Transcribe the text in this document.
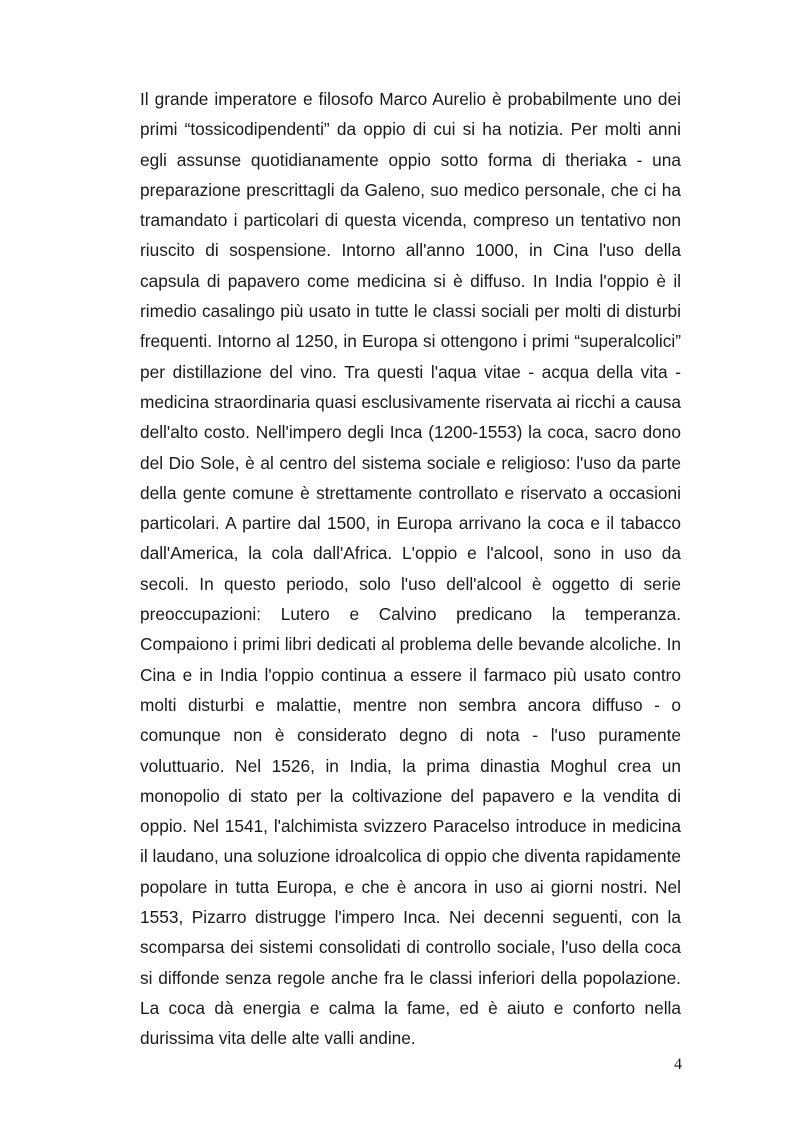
Il grande imperatore e filosofo Marco Aurelio è probabilmente uno dei primi “tossicodipendenti” da oppio di cui si ha notizia. Per molti anni egli assunse quotidianamente oppio sotto forma di theriaka - una preparazione prescrittagli da Galeno, suo medico personale, che ci ha tramandato i particolari di questa vicenda, compreso un tentativo non riuscito di sospensione. Intorno all'anno 1000, in Cina l'uso della capsula di papavero come medicina si è diffuso. In India l'oppio è il rimedio casalingo più usato in tutte le classi sociali per molti di disturbi frequenti. Intorno al 1250, in Europa si ottengono i primi “superalcolici” per distillazione del vino. Tra questi l'aqua vitae - acqua della vita - medicina straordinaria quasi esclusivamente riservata ai ricchi a causa dell'alto costo. Nell'impero degli Inca (1200-1553) la coca, sacro dono del Dio Sole, è al centro del sistema sociale e religioso: l'uso da parte della gente comune è strettamente controllato e riservato a occasioni particolari. A partire dal 1500, in Europa arrivano la coca e il tabacco dall'America, la cola dall'Africa. L'oppio e l'alcool, sono in uso da secoli. In questo periodo, solo l'uso dell'alcool è oggetto di serie preoccupazioni: Lutero e Calvino predicano la temperanza. Compaiono i primi libri dedicati al problema delle bevande alcoliche. In Cina e in India l'oppio continua a essere il farmaco più usato contro molti disturbi e malattie, mentre non sembra ancora diffuso - o comunque non è considerato degno di nota - l'uso puramente voluttuario. Nel 1526, in India, la prima dinastia Moghul crea un monopolio di stato per la coltivazione del papavero e la vendita di oppio. Nel 1541, l'alchimista svizzero Paracelso introduce in medicina il laudano, una soluzione idroalcolica di oppio che diventa rapidamente popolare in tutta Europa, e che è ancora in uso ai giorni nostri. Nel 1553, Pizarro distrugge l'impero Inca. Nei decenni seguenti, con la scomparsa dei sistemi consolidati di controllo sociale, l'uso della coca si diffonde senza regole anche fra le classi inferiori della popolazione. La coca dà energia e calma la fame, ed è aiuto e conforto nella durissima vita delle alte valli andine.

4
